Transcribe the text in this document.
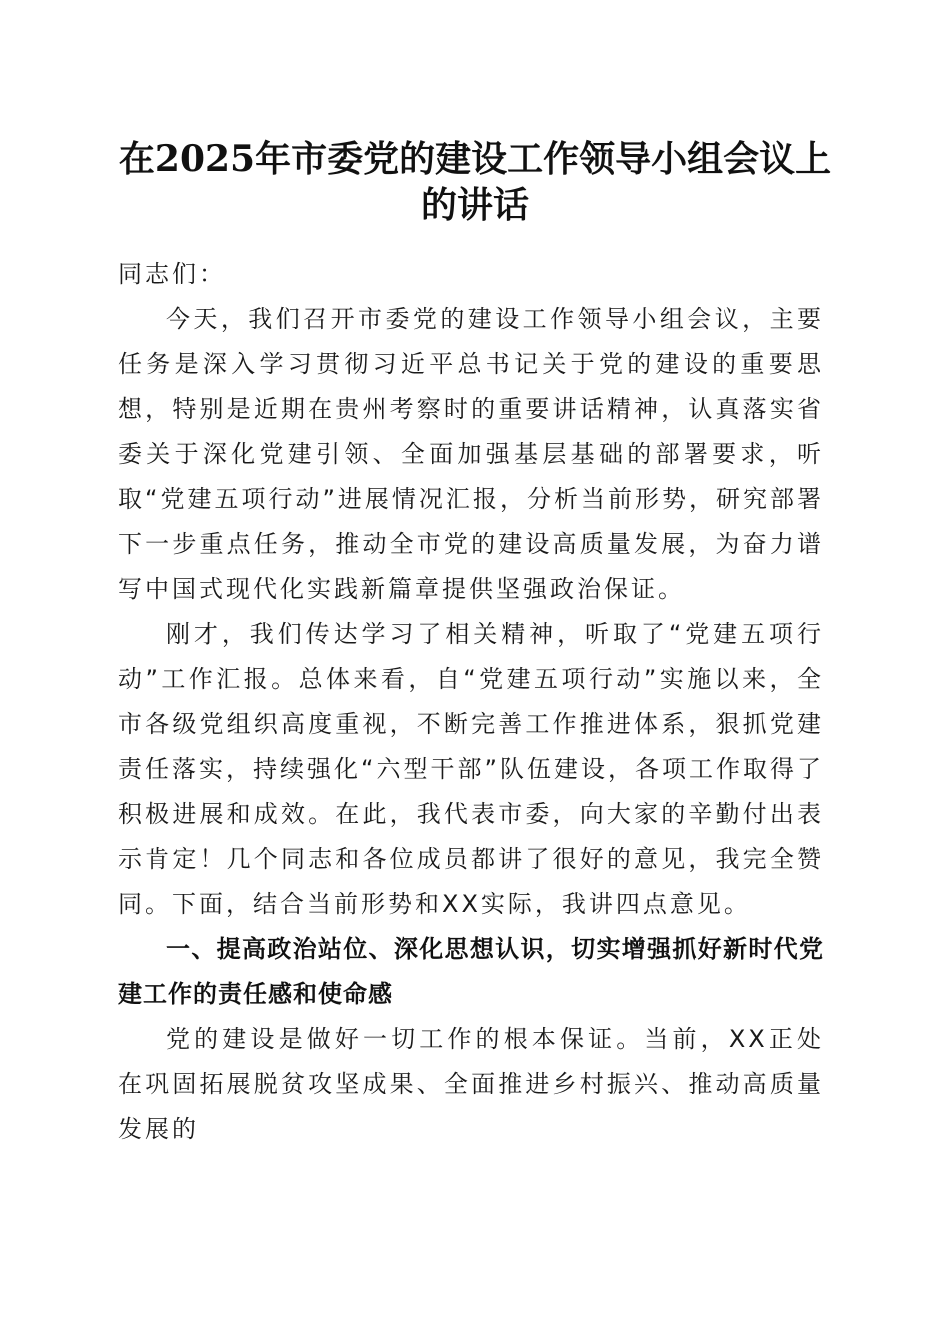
在2025年市委党的建设工作领导小组会议上的讲话

同志们：

今天，我们召开市委党的建设工作领导小组会议，主要任务是深入学习贯彻习近平总书记关于党的建设的重要思想，特别是近期在贵州考察时的重要讲话精神，认真落实省委关于深化党建引领、全面加强基层基础的部署要求，听取“党建五项行动”进展情况汇报，分析当前形势，研究部署下一步重点任务，推动全市党的建设高质量发展，为奋力谱写中国式现代化实践新篇章提供坚强政治保证。

刚才，我们传达学习了相关精神，听取了“党建五项行动”工作汇报。总体来看，自“党建五项行动”实施以来，全市各级党组织高度重视，不断完善工作推进体系，狠抓党建责任落实，持续强化“六型干部”队伍建设，各项工作取得了积极进展和成效。在此，我代表市委，向大家的辛勤付出表示肯定！几个同志和各位成员都讲了很好的意见，我完全赞同。下面，结合当前形势和XX实际，我讲四点意见。

一、提高政治站位、深化思想认识，切实增强抓好新时代党建工作的责任感和使命感

党的建设是做好一切工作的根本保证。当前，XX正处在巩固拓展脱贫攻坚成果、全面推进乡村振兴、推动高质量发展的
